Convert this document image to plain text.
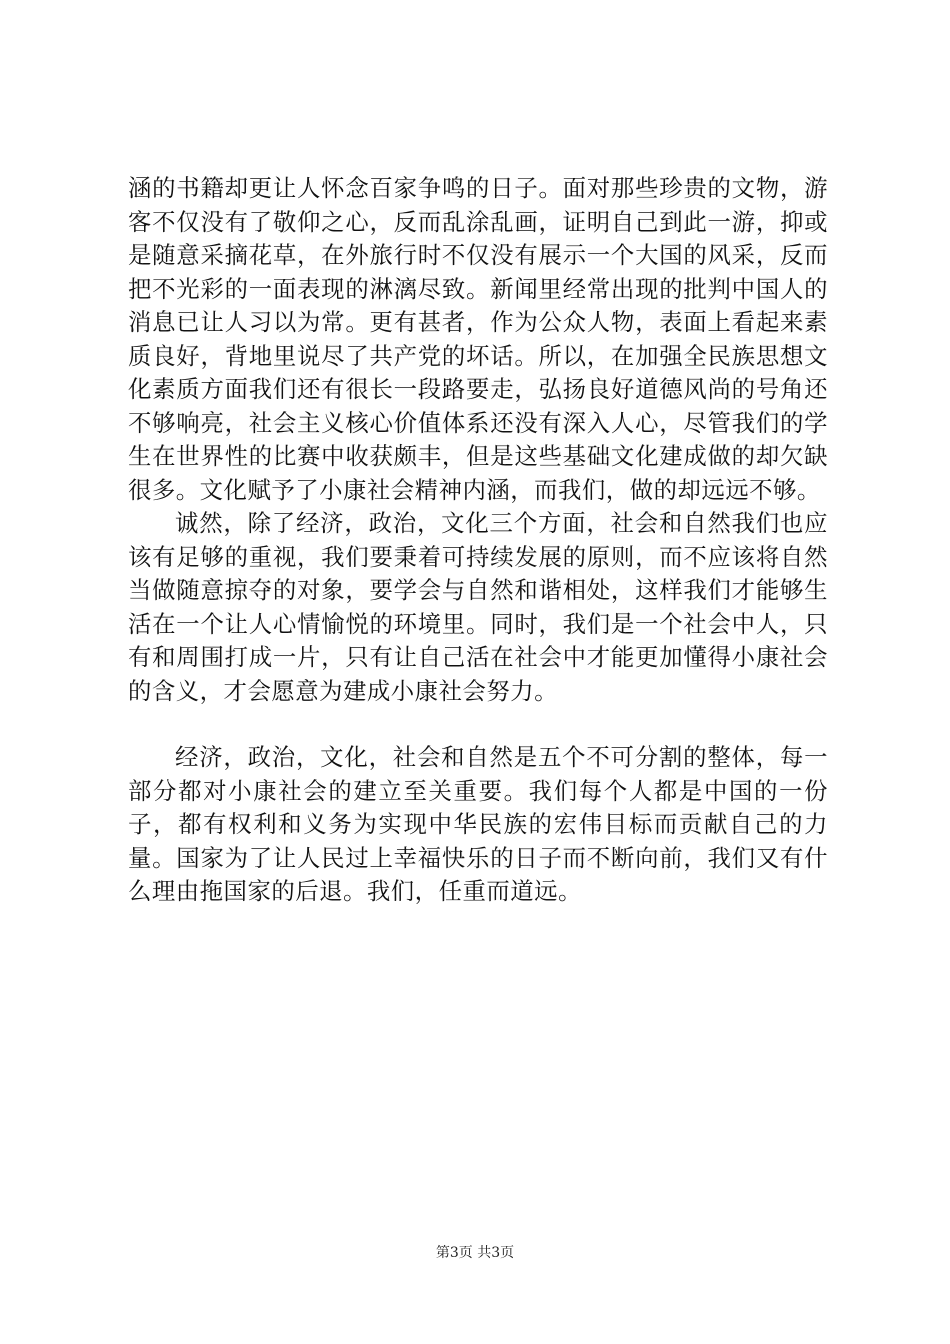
涵的书籍却更让人怀念百家争鸣的日子。面对那些珍贵的文物，游客不仅没有了敬仰之心，反而乱涂乱画，证明自己到此一游，抑或是随意采摘花草，在外旅行时不仅没有展示一个大国的风采，反而把不光彩的一面表现的淋漓尽致。新闻里经常出现的批判中国人的消息已让人习以为常。更有甚者，作为公众人物，表面上看起来素质良好，背地里说尽了共产党的坏话。所以，在加强全民族思想文化素质方面我们还有很长一段路要走，弘扬良好道德风尚的号角还不够响亮，社会主义核心价值体系还没有深入人心，尽管我们的学生在世界性的比赛中收获颇丰，但是这些基础文化建成做的却欠缺很多。文化赋予了小康社会精神内涵，而我们，做的却远远不够。

诚然，除了经济，政治，文化三个方面，社会和自然我们也应该有足够的重视，我们要秉着可持续发展的原则，而不应该将自然当做随意掠夺的对象，要学会与自然和谐相处，这样我们才能够生活在一个让人心情愉悦的环境里。同时，我们是一个社会中人，只有和周围打成一片，只有让自己活在社会中才能更加懂得小康社会的含义，才会愿意为建成小康社会努力。

经济，政治，文化，社会和自然是五个不可分割的整体，每一部分都对小康社会的建立至关重要。我们每个人都是中国的一份子，都有权利和义务为实现中华民族的宏伟目标而贡献自己的力量。国家为了让人民过上幸福快乐的日子而不断向前，我们又有什么理由拖国家的后退。我们，任重而道远。

第3页 共3页
